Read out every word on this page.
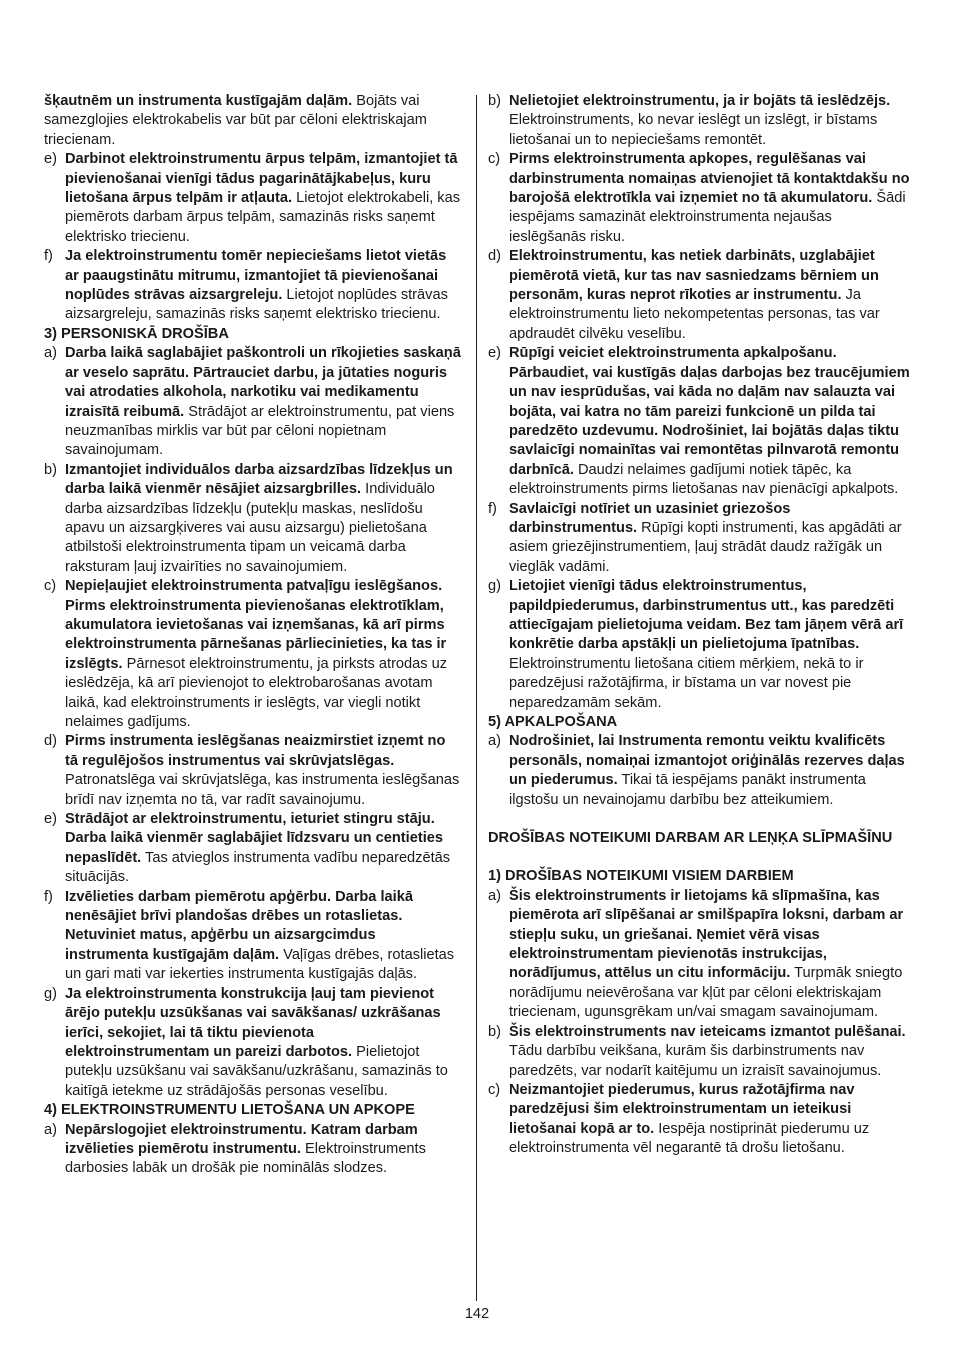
šķautnēm un instrumenta kustīgajām daļām. Bojāts vai samezglojies elektrokabelis var būt par cēloni elektriskajam triecienam.
e) Darbinot elektroinstrumentu ārpus telpām, izmantojiet tā pievienošanai vienīgi tādus pagarinātājkabeļus, kuru lietošana ārpus telpām ir atļauta. Lietojot elektrokabeli, kas piemērots darbam ārpus telpām, samazinās risks saņemt elektrisko triecienu.
f) Ja elektroinstrumentu tomēr nepieciešams lietot vietās ar paaugstinātu mitrumu, izmantojiet tā pievienošanai noplūdes strāvas aizsargreleju. Lietojot noplūdes strāvas aizsargreleju, samazinās risks saņemt elektrisko triecienu.
3) PERSONISKĀ DROŠĪBA
a) Darba laikā saglabājiet paškontroli un rīkojieties saskaņā ar veselo saprātu. Pārtrauciet darbu, ja jūtaties noguris vai atrodaties alkohola, narkotiku vai medikamentu izraisītā reibumā. Strādājot ar elektroinstrumentu, pat viens neuzmanības mirklis var būt par cēloni nopietnam savainojumam.
b) Izmantojiet individuālos darba aizsardzības līdzekļus un darba laikā vienmēr nēsājiet aizsargbrilles. Individuālo darba aizsardzības līdzekļu (putekļu maskas, neslīdošu apavu un aizsargķiveres vai ausu aizsargu) pielietošana atbilstoši elektroinstrumenta tipam un veicamā darba raksturam ļauj izvairīties no savainojumiem.
c) Nepieļaujiet elektroinstrumenta patvaļīgu ieslēgšanos. Pirms elektroinstrumenta pievienošanas elektrotīklam, akumulatora ievietošanas vai izņemšanas, kā arī pirms elektroinstrumenta pārnešanas pārliecinieties, ka tas ir izslēgts. Pārnesot elektroinstrumentu, ja pirksts atrodas uz ieslēdzēja, kā arī pievienojot to elektrobarošanas avotam laikā, kad elektroinstruments ir ieslēgts, var viegli notikt nelaimes gadījums.
d) Pirms instrumenta ieslēgšanas neaizmirstiet izņemt no tā regulējošos instrumentus vai skrūvjatslēgas. Patronatslēga vai skrūvjatslēga, kas instrumenta ieslēgšanas brīdī nav izņemta no tā, var radīt savainojumu.
e) Strādājot ar elektroinstrumentu, ieturiet stingru stāju. Darba laikā vienmēr saglabājiet līdzsvaru un centieties nepaslīdēt. Tas atvieglos instrumenta vadību neparedzētās situācijās.
f) Izvēlieties darbam piemērotu apģērbu. Darba laikā nenēsājiet brīvi plandošas drēbes un rotaslietas. Netuviniet matus, apģērbu un aizsargcimdus instrumenta kustīgajām daļām. Vaļīgas drēbes, rotaslietas un gari mati var iekerties instrumenta kustīgajās daļās.
g) Ja elektroinstrumenta konstrukcija ļauj tam pievienot ārējo putekļu uzsūkšanas vai savākšanas/ uzkrāšanas ierīci, sekojiet, lai tā tiktu pievienota elektroinstrumentam un pareizi darbotos. Pielietojot putekļu uzsūkšanu vai savākšanu/uzkrāšanu, samazinās to kaitīgā ietekme uz strādājošās personas veselību.
4) ELEKTROINSTRUMENTU LIETOŠANA UN APKOPE
a) Nepārslogojiet elektroinstrumentu. Katram darbam izvēlieties piemērotu instrumentu. Elektroinstruments darbosies labāk un drošāk pie nominālās slodzes.
b) Nelietojiet elektroinstrumentu, ja ir bojāts tā ieslēdzējs. Elektroinstruments, ko nevar ieslēgt un izslēgt, ir bīstams lietošanai un to nepieciešams remontēt.
c) Pirms elektroinstrumenta apkopes, regulēšanas vai darbinstrumenta nomaiņas atvienojiet tā kontaktdakšu no barojošā elektrotīkla vai izņemiet no tā akumulatoru. Šādi iespējams samazināt elektroinstrumenta nejaušas ieslēgšanās risku.
d) Elektroinstrumentu, kas netiek darbināts, uzglabājiet piemērotā vietā, kur tas nav sasniedzams bērniem un personām, kuras neprot rīkoties ar instrumentu. Ja elektroinstrumentu lieto nekompetentas personas, tas var apdraudēt cilvēku veselību.
e) Rūpīgi veiciet elektroinstrumenta apkalpošanu. Pārbaudiet, vai kustīgās daļas darbojas bez traucējumiem un nav iesprūdušas, vai kāda no daļām nav salauzta vai bojāta, vai katra no tām pareizi funkcionē un pilda tai paredzēto uzdevumu. Nodrošiniet, lai bojātās daļas tiktu savlaicīgi nomainītas vai remontētas pilnvarotā remontu darbnīcā. Daudzi nelaimes gadījumi notiek tāpēc, ka elektroinstruments pirms lietošanas nav pienācīgi apkalpots.
f) Savlaicīgi notīriet un uzasiniet griezošos darbinstrumentus. Rūpīgi kopti instrumenti, kas apgādāti ar asiem griezējinstrumentiem, ļauj strādāt daudz ražīgāk un vieglāk vadāmi.
g) Lietojiet vienīgi tādus elektroinstrumentus, papildpiederumus, darbinstrumentus utt., kas paredzēti attiecīgajam pielietojuma veidam. Bez tam jāņem vērā arī konkrētie darba apstākļi un pielietojuma īpatnības. Elektroinstrumentu lietošana citiem mērķiem, nekā to ir paredzējusi ražotājfirma, ir bīstama un var novest pie neparedzamām sekām.
5) APKALPOŠANA
a) Nodrošiniet, lai Instrumenta remontu veiktu kvalificēts personāls, nomaiņai izmantojot oriģinālās rezerves daļas un piederumus. Tikai tā iespējams panākt instrumenta ilgstošu un nevainojamu darbību bez atteikumiem.
DROŠĪBAS NOTEIKUMI DARBAM AR LEŅĶA SLĪPMAŠĪNU
1) DROŠĪBAS NOTEIKUMI VISIEM DARBIEM
a) Šis elektroinstruments ir lietojams kā slīpmašīna, kas piemērota arī slīpēšanai ar smilšpapīra loksni, darbam ar stiepļu suku, un griešanai. Ņemiet vērā visas elektroinstrumentam pievienotās instrukcijas, norādījumus, attēlus un citu informāciju. Turpmāk sniegto norādījumu neievērošana var kļūt par cēloni elektriskajam triecienam, ugunsgrēkam un/vai smagam savainojumam.
b) Šis elektroinstruments nav ieteicams izmantot pulēšanai. Tādu darbību veikšana, kurām šis darbinstruments nav paredzēts, var nodarīt kaitējumu un izraisīt savainojumus.
c) Neizmantojiet piederumus, kurus ražotājfirma nav paredzējusi šim elektroinstrumentam un ieteikusi lietošanai kopā ar to. Iespēja nostiprināt piederumu uz elektroinstrumenta vēl negarantē tā drošu lietošanu.
142
